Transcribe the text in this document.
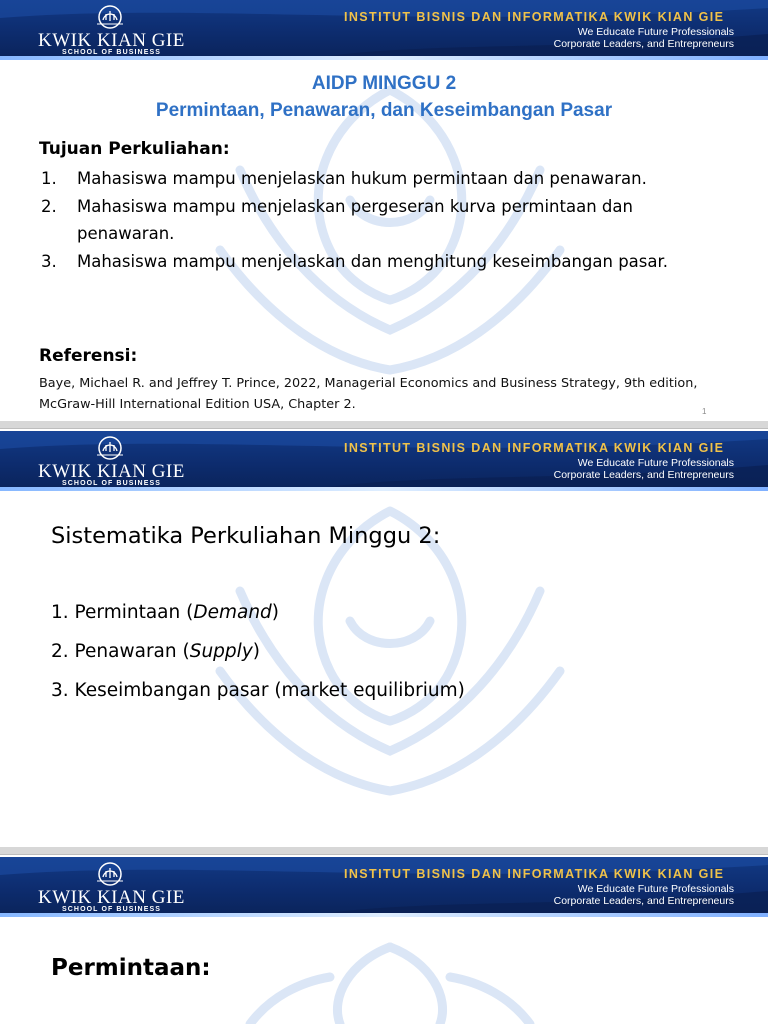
KWIK KIAN GIE
SCHOOL OF BUSINESS
INSTITUT BISNIS DAN INFORMATIKA KWIK KIAN GIE
We Educate Future Professionals
Corporate Leaders, and Entrepreneurs
AIDP MINGGU 2
Permintaan, Penawaran, dan Keseimbangan Pasar
Tujuan Perkuliahan:
1. Mahasiswa mampu menjelaskan hukum permintaan dan penawaran.
2. Mahasiswa mampu menjelaskan pergeseran kurva permintaan dan penawaran.
3. Mahasiswa mampu menjelaskan dan menghitung keseimbangan pasar.
Referensi:
Baye, Michael R. and Jeffrey T. Prince, 2022, Managerial Economics and Business Strategy, 9th edition, McGraw-Hill International Edition USA, Chapter 2.	1
KWIK KIAN GIE
SCHOOL OF BUSINESS
INSTITUT BISNIS DAN INFORMATIKA KWIK KIAN GIE
We Educate Future Professionals
Corporate Leaders, and Entrepreneurs
Sistematika Perkuliahan Minggu 2:
1. Permintaan (Demand)
2. Penawaran (Supply)
3. Keseimbangan pasar (market equilibrium)
KWIK KIAN GIE
SCHOOL OF BUSINESS
INSTITUT BISNIS DAN INFORMATIKA KWIK KIAN GIE
We Educate Future Professionals
Corporate Leaders, and Entrepreneurs
Permintaan:
